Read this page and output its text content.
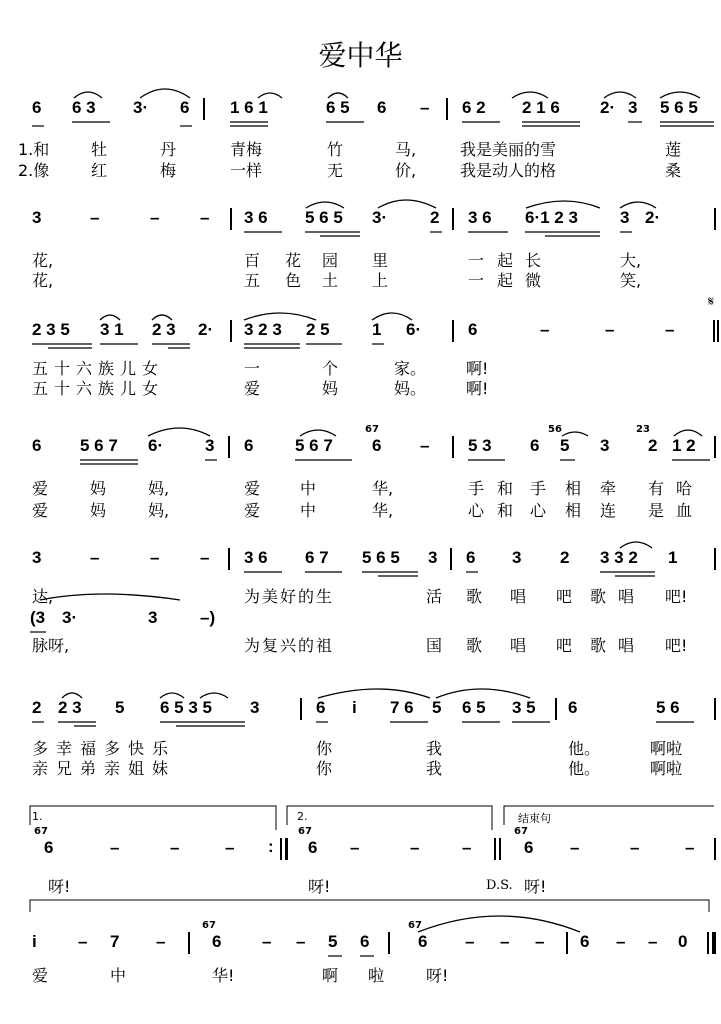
爱中华
6 6 3 3· 6 1 6 1	6 5 6 – 6 2 2 1 6 2· 3 5 6 5
1.和	牡	丹	青梅	竹	马,	我是美丽的雪	莲
2.像	红	梅	一样	无	价,	我是动人的格	桑
3	–	– – 3 6 5 6 5 3·	2 3 6 6·1 2 3 3 2·
花,	百 花 园 里	一 起 长	大,
花,	五 色 土 上	一 起 微	笑,
2 3 5 3 1 2 3 2· 3 2 3 2 5 1 6·	6	–	–	–
𝄋
五十六族儿女	一	个	家。 啊!
五十六族儿女	爱	妈	妈。 啊!
6 5 6 7 6· 3 6 5 6 7
67
6 – 5 3 6
56
5 3
23
2 1 2
爱	妈	妈,	爱 中	华,	手 和 手 相 牵 有 哈
爱	妈	妈,	爱 中	华,	心 和 心 相 连 是 血
3	–	– – 3 6 6 7 5 6 5 3 6 3 2 3 3 2 1
达,	为美好的生	活 歌 唱 吧 歌 唱 吧!
(3 3·	3	–)
脉呀,	为复兴的祖	国 歌 唱 吧 歌 唱 吧!
2 2 3 5 6 5 3 5 3	6 i 7 6 5 6 5 3 5 6	5 6
多幸福多快乐	你	我	他。	啊啦
亲兄弟亲姐妹	你	我	他。	啊啦
1.	2.	结束句
67
6	–	–	– :
67
6 –	–	–
67
6 –	–	–
呀!	呀!	D.S. 呀!
i – 7 –
67
6 – – 5 6
67
6 – – – 6 – – 0
爱	中	华!	啊 啦	呀!
